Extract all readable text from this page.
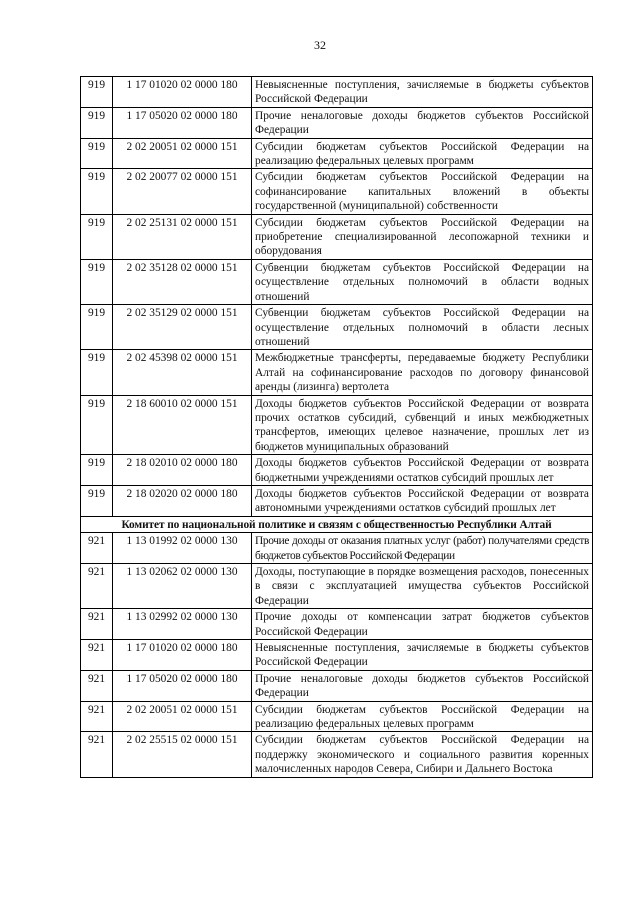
32
919	1 17 01020 02 0000 180	Невыясненные поступления, зачисляемые в бюджеты субъектов Российской Федерации
919	1 17 05020 02 0000 180	Прочие неналоговые доходы бюджетов субъектов Российской Федерации
919	2 02 20051 02 0000 151	Субсидии бюджетам субъектов Российской Федерации на реализацию федеральных целевых программ
919	2 02 20077 02 0000 151	Субсидии бюджетам субъектов Российской Федерации на софинансирование капитальных вложений в объекты государственной (муниципальной) собственности
919	2 02 25131 02 0000 151	Субсидии бюджетам субъектов Российской Федерации на приобретение специализированной лесопожарной техники и оборудования
919	2 02 35128 02 0000 151	Субвенции бюджетам субъектов Российской Федерации на осуществление отдельных полномочий в области водных отношений
919	2 02 35129 02 0000 151	Субвенции бюджетам субъектов Российской Федерации на осуществление отдельных полномочий в области лесных отношений
919	2 02 45398 02 0000 151	Межбюджетные трансферты, передаваемые бюджету Республики Алтай на софинансирование расходов по договору финансовой аренды (лизинга) вертолета
919	2 18 60010 02 0000 151	Доходы бюджетов субъектов Российской Федерации от возврата прочих остатков субсидий, субвенций и иных межбюджетных трансфертов, имеющих целевое назначение, прошлых лет из бюджетов муниципальных образований
919	2 18 02010 02 0000 180	Доходы бюджетов субъектов Российской Федерации от возврата бюджетными учреждениями остатков субсидий прошлых лет
919	2 18 02020 02 0000 180	Доходы бюджетов субъектов Российской Федерации от возврата автономными учреждениями остатков субсидий прошлых лет
Комитет по национальной политике и связям с общественностью Республики Алтай		
921	1 13 01992 02 0000 130	Прочие доходы от оказания платных услуг (работ) получателями средств бюджетов субъектов Российской Федерации
921	1 13 02062 02 0000 130	Доходы, поступающие в порядке возмещения расходов, понесенных в связи с эксплуатацией имущества субъектов Российской Федерации
921	1 13 02992 02 0000 130	Прочие доходы от компенсации затрат бюджетов субъектов Российской Федерации
921	1 17 01020 02 0000 180	Невыясненные поступления, зачисляемые в бюджеты субъектов Российской Федерации
921	1 17 05020 02 0000 180	Прочие неналоговые доходы бюджетов субъектов Российской Федерации
921	2 02 20051 02 0000 151	Субсидии бюджетам субъектов Российской Федерации на реализацию федеральных целевых программ
921	2 02 25515 02 0000 151	Субсидии бюджетам субъектов Российской Федерации на поддержку экономического и социального развития коренных малочисленных народов Севера, Сибири и Дальнего Востока
